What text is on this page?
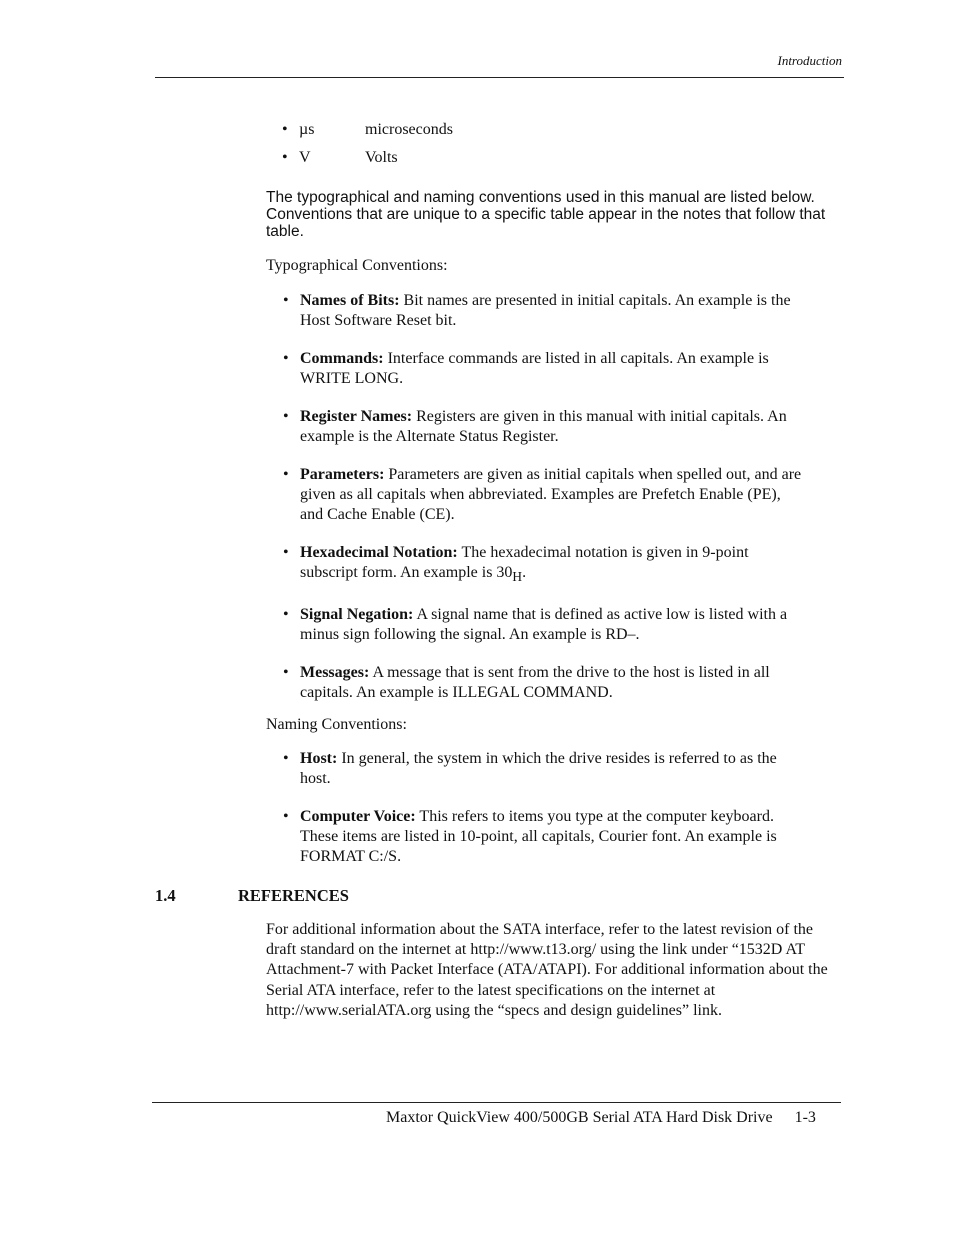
Introduction
• µs	microseconds
• V	Volts

The typographical and naming conventions used in this manual are listed below. Conventions that are unique to a specific table appear in the notes that follow that table.

Typographical Conventions:

• Names of Bits: Bit names are presented in initial capitals. An example is the Host Software Reset bit.
• Commands: Interface commands are listed in all capitals. An example is WRITE LONG.
• Register Names: Registers are given in this manual with initial capitals. An example is the Alternate Status Register.
• Parameters: Parameters are given as initial capitals when spelled out, and are given as all capitals when abbreviated. Examples are Prefetch Enable (PE), and Cache Enable (CE).
• Hexadecimal Notation: The hexadecimal notation is given in 9-point subscript form. An example is $30_H$.
• Signal Negation: A signal name that is defined as active low is listed with a minus sign following the signal. An example is RD–.
• Messages: A message that is sent from the drive to the host is listed in all capitals. An example is ILLEGAL COMMAND.

Naming Conventions:

• Host: In general, the system in which the drive resides is referred to as the host.
• Computer Voice: This refers to items you type at the computer keyboard. These items are listed in 10-point, all capitals, Courier font. An example is FORMAT C:/S.
1.4	REFERENCES

For additional information about the SATA interface, refer to the latest revision of the draft standard on the internet at http://www.t13.org/ using the link under “1532D AT Attachment-7 with Packet Interface (ATA/ATAPI). For additional information about the Serial ATA interface, refer to the latest specifications on the internet at http://www.serialATA.org using the “specs and design guidelines” link.

Maxtor QuickView 400/500GB Serial ATA Hard Disk Drive 1-3
